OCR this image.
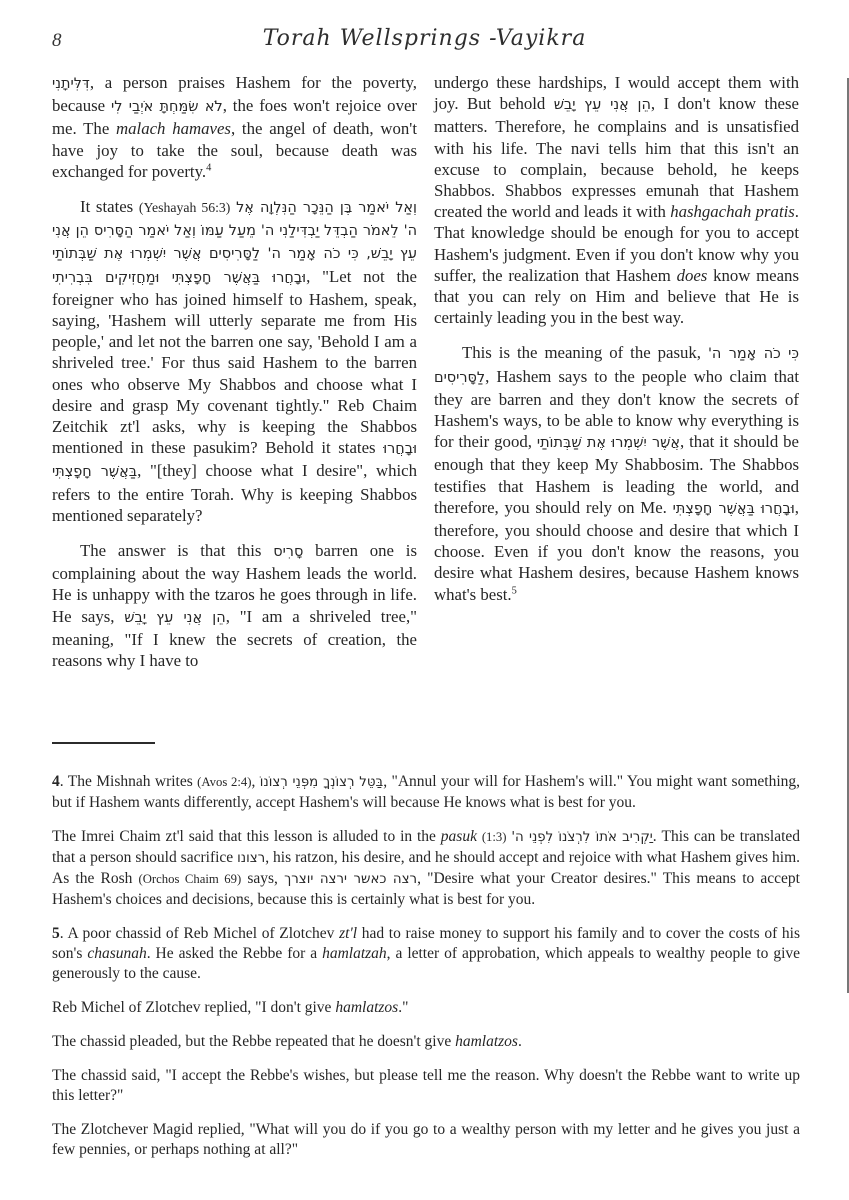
8	Torah Wellsprings -Vayikra

דִּלִּיתָנִי, a person praises Hashem for the poverty, because לֹא שִׂמַּחְתָּ אֹיְבַי לִי, the foes won't rejoice over me. The malach hamaves, the angel of death, won't have joy to take the soul, because death was exchanged for poverty.$^4$

It states (Yeshayah 56:3) וְאַל יֹאמַר בֶּן הַנֵּכָר הַנִּלְוָה אֶל ה' לֵאמֹר הַבְדֵּל יַבְדִּילַנִי ה' מֵעַל עַמּוֹ וְאַל יֹאמַר הַסָּרִיס הֵן אֲנִי עֵץ יָבֵשׁ, כִּי כֹה אָמַר ה' לַסָּרִיסִים אֲשֶׁר יִשְׁמְרוּ אֶת שַׁבְּתוֹתַי וּבָחֲרוּ בַּאֲשֶׁר חָפָצְתִּי וּמַחֲזִיקִים בִּבְרִיתִי, "Let not the foreigner who has joined himself to Hashem, speak, saying, 'Hashem will utterly separate me from His people,' and let not the barren one say, 'Behold I am a shriveled tree.' For thus said Hashem to the barren ones who observe My Shabbos and choose what I desire and grasp My covenant tightly." Reb Chaim Zeitchik zt'l asks, why is keeping the Shabbos mentioned in these pasukim? Behold it states וּבָחֲרוּ בַּאֲשֶׁר חָפָצְתִּי, "[they] choose what I desire", which refers to the entire Torah. Why is keeping Shabbos mentioned separately?

The answer is that this סָרִיס barren one is complaining about the way Hashem leads the world. He is unhappy with the tzaros he goes through in life. He says, הֵן אֲנִי עֵץ יָבֵשׁ, "I am a shriveled tree," meaning, "If I knew the secrets of creation, the reasons why I have to

undergo these hardships, I would accept them with joy. But behold הֵן אֲנִי עֵץ יָבֵשׁ, I don't know these matters. Therefore, he complains and is unsatisfied with his life. The navi tells him that this isn't an excuse to complain, because behold, he keeps Shabbos. Shabbos expresses emunah that Hashem created the world and leads it with hashgachah pratis. That knowledge should be enough for you to accept Hashem's judgment. Even if you don't know why you suffer, the realization that Hashem does know means that you can rely on Him and believe that He is certainly leading you in the best way.

This is the meaning of the pasuk, כִּי כֹה אָמַר ה' לַסָּרִיסִים, Hashem says to the people who claim that they are barren and they don't know the secrets of Hashem's ways, to be able to know why everything is for their good, אֲשֶׁר יִשְׁמְרוּ אֶת שַׁבְּתוֹתַי, that it should be enough that they keep My Shabbosim. The Shabbos testifies that Hashem is leading the world, and therefore, you should rely on Me. וּבָחֲרוּ בַּאֲשֶׁר חָפָצְתִּי, therefore, you should choose and desire that which I choose. Even if you don't know the reasons, you desire what Hashem desires, because Hashem knows what's best.$^5$

4. The Mishnah writes (Avos 2:4), בַּטֵּל רְצוֹנְךָ מִפְּנֵי רְצוֹנוֹ, "Annul your will for Hashem's will." You might want something, but if Hashem wants differently, accept Hashem's will because He knows what is best for you.

The Imrei Chaim zt'l said that this lesson is alluded to in the pasuk (1:3) יַקְרִיב אֹתוֹ לִרְצֹנוֹ לִפְנֵי ה'. This can be translated that a person should sacrifice רצונו, his ratzon, his desire, and he should accept and rejoice with what Hashem gives him. As the Rosh (Orchos Chaim 69) says, רצה כאשר ירצה יוצרך, "Desire what your Creator desires." This means to accept Hashem's choices and decisions, because this is certainly what is best for you.

5. A poor chassid of Reb Michel of Zlotchev zt'l had to raise money to support his family and to cover the costs of his son's chasunah. He asked the Rebbe for a hamlatzah, a letter of approbation, which appeals to wealthy people to give generously to the cause.

Reb Michel of Zlotchev replied, "I don't give hamlatzos."

The chassid pleaded, but the Rebbe repeated that he doesn't give hamlatzos.

The chassid said, "I accept the Rebbe's wishes, but please tell me the reason. Why doesn't the Rebbe want to write up this letter?"

The Zlotchever Magid replied, "What will you do if you go to a wealthy person with my letter and he gives you just a few pennies, or perhaps nothing at all?"
